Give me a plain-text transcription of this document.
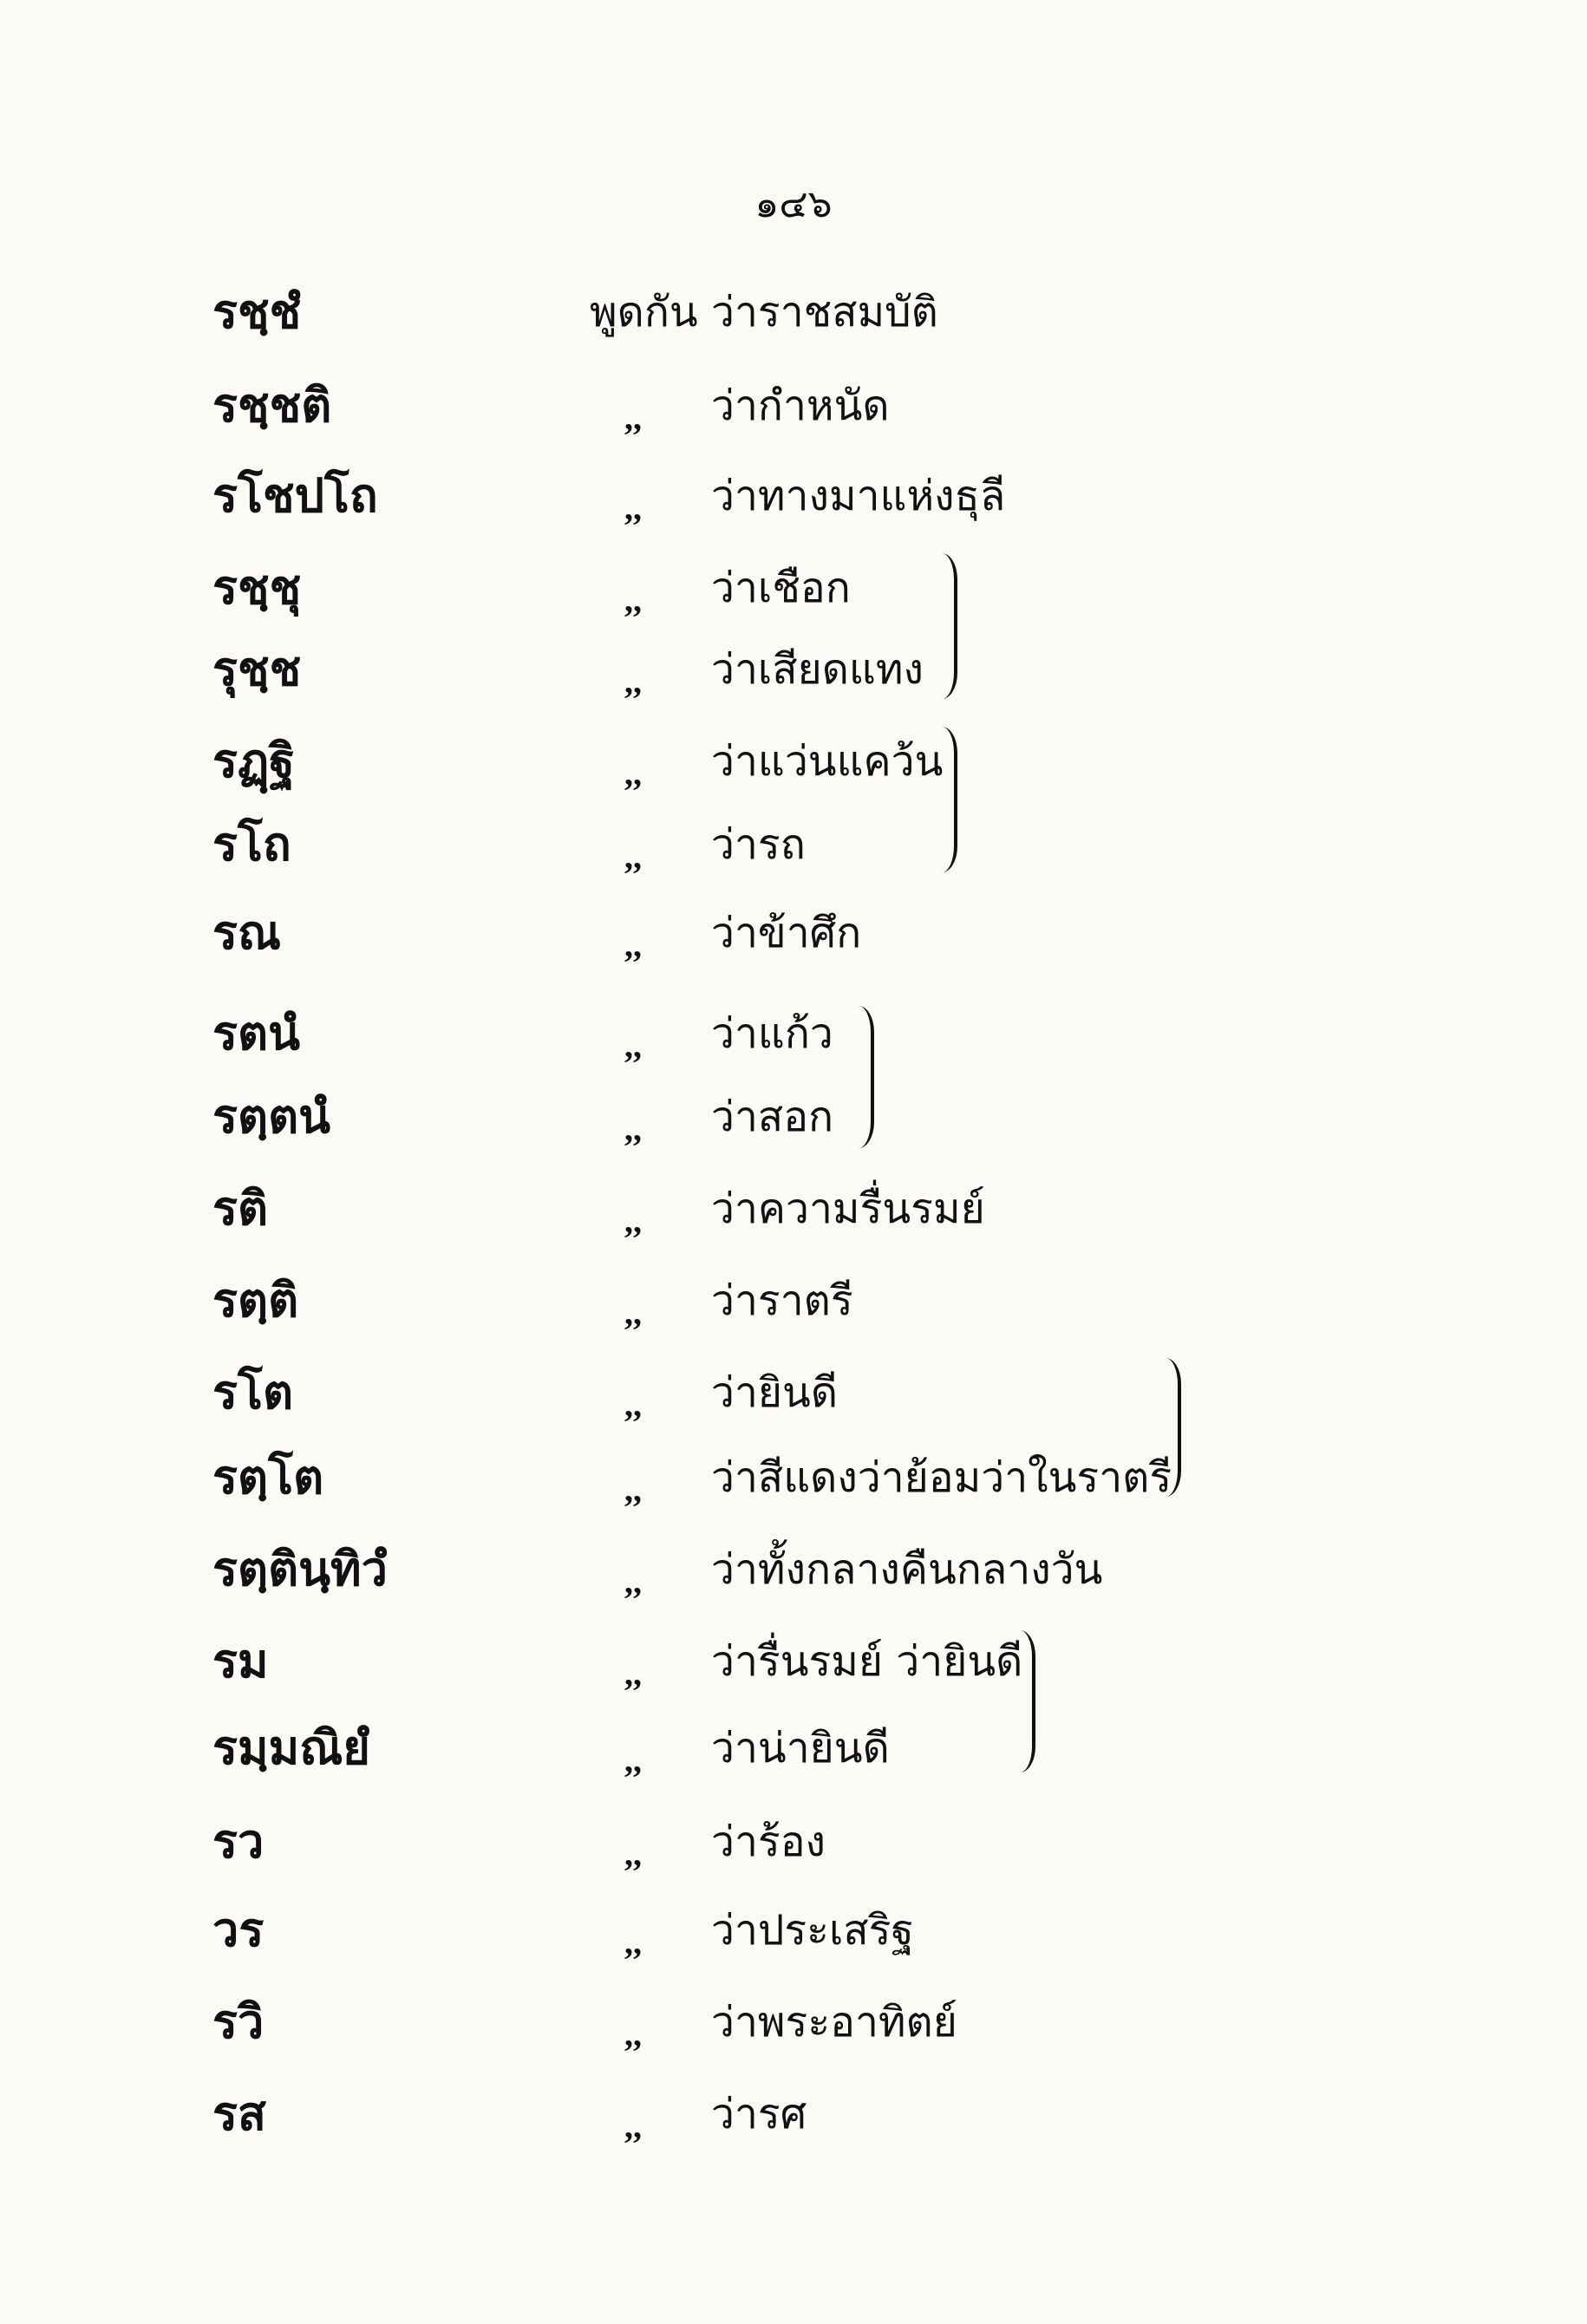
๑๔๖
รชฺชํ	พูดกัน ว่าราชสมบัติ
รชฺชติ	,, ว่ากำหนัด
รโชปโถ	,, ว่าทางมาแห่งธุลี
รชฺชุ	,, ว่าเชือก
รุชฺช	,, ว่าเสียดแทง
รฏฺฐิ	,, ว่าแว่นแคว้น
รโถ	,, ว่ารถ
รณ	,, ว่าข้าศึก
รตนํ	,, ว่าแก้ว
รตฺตนํ	,, ว่าสอก
รติ	,, ว่าความรื่นรมย์
รตฺติ	,, ว่าราตรี
รโต	,, ว่ายินดี
รตฺโต	,, ว่าสีแดงว่าย้อมว่าในราตรี
รตฺตินฺทิวํ	,, ว่าทั้งกลางคืนกลางวัน
รม	,, ว่ารื่นรมย์ ว่ายินดี
รมฺมณิยํ	,, ว่าน่ายินดี
รว	,, ว่าร้อง
วร	,, ว่าประเสริฐ
รวิ	,, ว่าพระอาทิตย์
รส	,, ว่ารศ
